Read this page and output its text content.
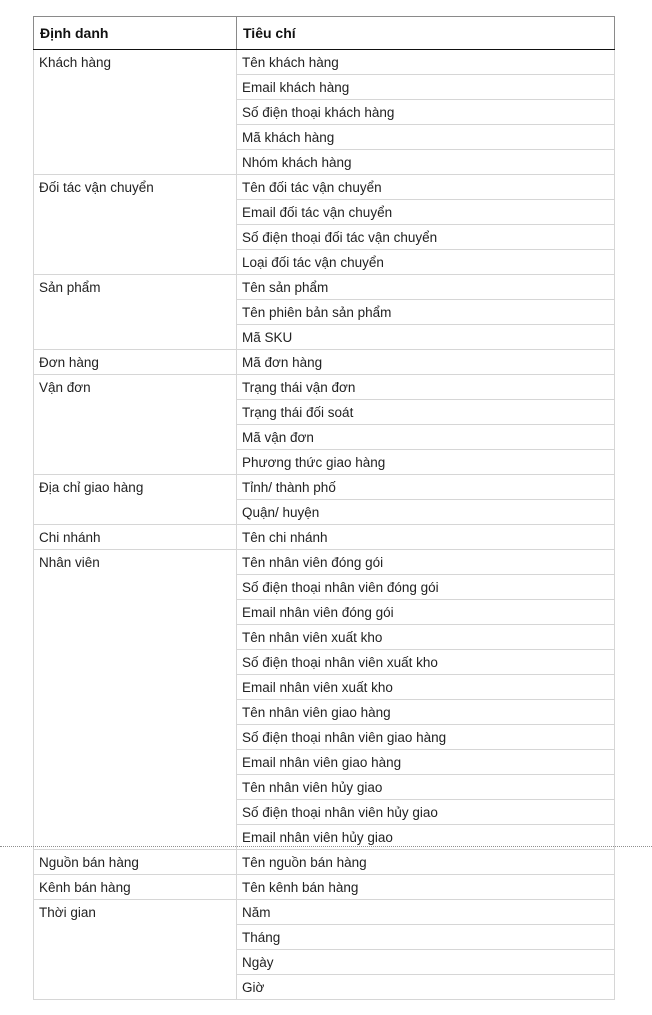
Định danh	Tiêu chí
Khách hàng	Tên khách hàng
	Email khách hàng
	Số điện thoại khách hàng
	Mã khách hàng
	Nhóm khách hàng
Đối tác vận chuyển	Tên đối tác vận chuyển
	Email đối tác vận chuyển
	Số điện thoại đối tác vận chuyển
	Loại đối tác vận chuyển
Sản phẩm	Tên sản phẩm
	Tên phiên bản sản phẩm
	Mã SKU
Đơn hàng	Mã đơn hàng
Vận đơn	Trạng thái vận đơn
	Trạng thái đối soát
	Mã vận đơn
	Phương thức giao hàng
Địa chỉ giao hàng	Tỉnh/ thành phố
	Quận/ huyện
Chi nhánh	Tên chi nhánh
Nhân viên	Tên nhân viên đóng gói
	Số điện thoại nhân viên đóng gói
	Email nhân viên đóng gói
	Tên nhân viên xuất kho
	Số điện thoại nhân viên xuất kho
	Email nhân viên xuất kho
	Tên nhân viên giao hàng
	Số điện thoại nhân viên giao hàng
	Email nhân viên giao hàng
	Tên nhân viên hủy giao
	Số điện thoại nhân viên hủy giao
	Email nhân viên hủy giao
Nguồn bán hàng	Tên nguồn bán hàng
Kênh bán hàng	Tên kênh bán hàng
Thời gian	Năm
	Tháng
	Ngày
	Giờ
